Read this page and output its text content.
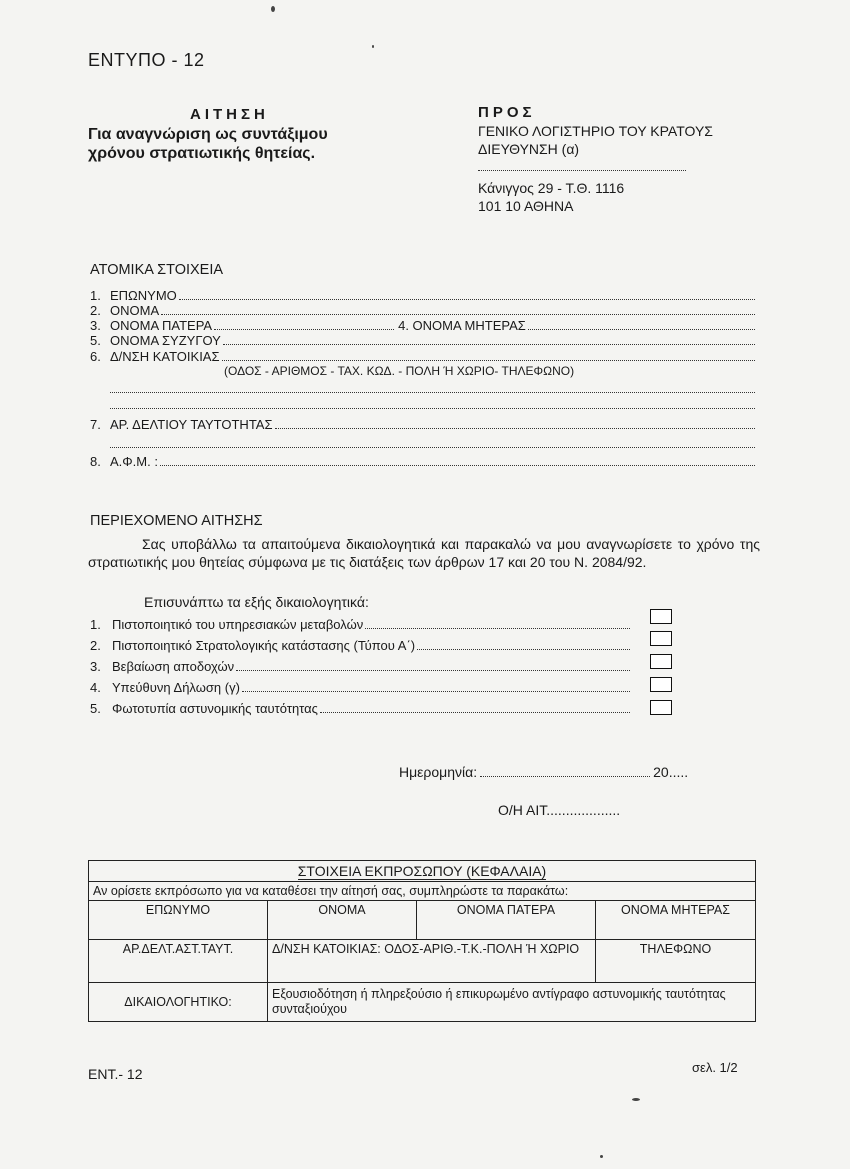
ΕΝΤΥΠΟ - 12
ΑΙΤΗΣΗ
Για αναγνώριση ως συντάξιμου
χρόνου στρατιωτικής θητείας.
ΠΡΟΣ
ΓΕΝΙΚΟ ΛΟΓΙΣΤΗΡΙΟ ΤΟΥ ΚΡΑΤΟΥΣ
ΔΙΕΥΘΥΝΣΗ (α)
Κάνιγγος 29 - Τ.Θ. 1116
101 10 ΑΘΗΝΑ
ΑΤΟΜΙΚΑ ΣΤΟΙΧΕΙΑ
1. ΕΠΩΝΥΜΟ
2. ΟΝΟΜΑ
3. ΟΝΟΜΑ ΠΑΤΕΡΑ	4. ΟΝΟΜΑ ΜΗΤΕΡΑΣ
5. ΟΝΟΜΑ ΣΥΖΥΓΟΥ
6. Δ/ΝΣΗ ΚΑΤΟΙΚΙΑΣ
(ΟΔΟΣ - ΑΡΙΘΜΟΣ - ΤΑΧ. ΚΩΔ. - ΠΟΛΗ Ή ΧΩΡΙΟ- ΤΗΛΕΦΩΝΟ)
7. ΑΡ. ΔΕΛΤΙΟΥ ΤΑΥΤΟΤΗΤΑΣ
8. Α.Φ.Μ. :
ΠΕΡΙΕΧΟΜΕΝΟ ΑΙΤΗΣΗΣ
Σας υποβάλλω τα απαιτούμενα δικαιολογητικά και παρακαλώ να μου αναγνωρίσετε το χρόνο της στρατιωτικής μου θητείας σύμφωνα με τις διατάξεις των άρθρων 17 και 20 του Ν. 2084/92.
Επισυνάπτω τα εξής δικαιολογητικά:
1. Πιστοποιητικό του υπηρεσιακών μεταβολών
2. Πιστοποιητικό Στρατολογικής κατάστασης (Τύπου Α΄)
3. Βεβαίωση αποδοχών
4. Υπεύθυνη Δήλωση (γ)
5. Φωτοτυπία αστυνομικής ταυτότητας
Ημερομηνία:	20.....
Ο/Η ΑΙΤ...................
ΣΤΟΙΧΕΙΑ ΕΚΠΡΟΣΩΠΟΥ (ΚΕΦΑΛΑΙΑ)			
Αν ορίσετε εκπρόσωπο για να καταθέσει την αίτησή σας, συμπληρώστε τα παρακάτω:			
ΕΠΩΝΥΜΟ	ΟΝΟΜΑ	ΟΝΟΜΑ ΠΑΤΕΡΑ	ΟΝΟΜΑ ΜΗΤΕΡΑΣ
ΑΡ.ΔΕΛΤ.ΑΣΤ.ΤΑΥΤ.	Δ/ΝΣΗ ΚΑΤΟΙΚΙΑΣ: ΟΔΟΣ-ΑΡΙΘ.-Τ.Κ.-ΠΟΛΗ Ή ΧΩΡΙΟ		ΤΗΛΕΦΩΝΟ
ΔΙΚΑΙΟΛΟΓΗΤΙΚΟ:	Εξουσιοδότηση ή πληρεξούσιο ή επικυρωμένο αντίγραφο αστυνομικής ταυτότητας συνταξιούχου		
ΕΝΤ.- 12	σελ. 1/2
